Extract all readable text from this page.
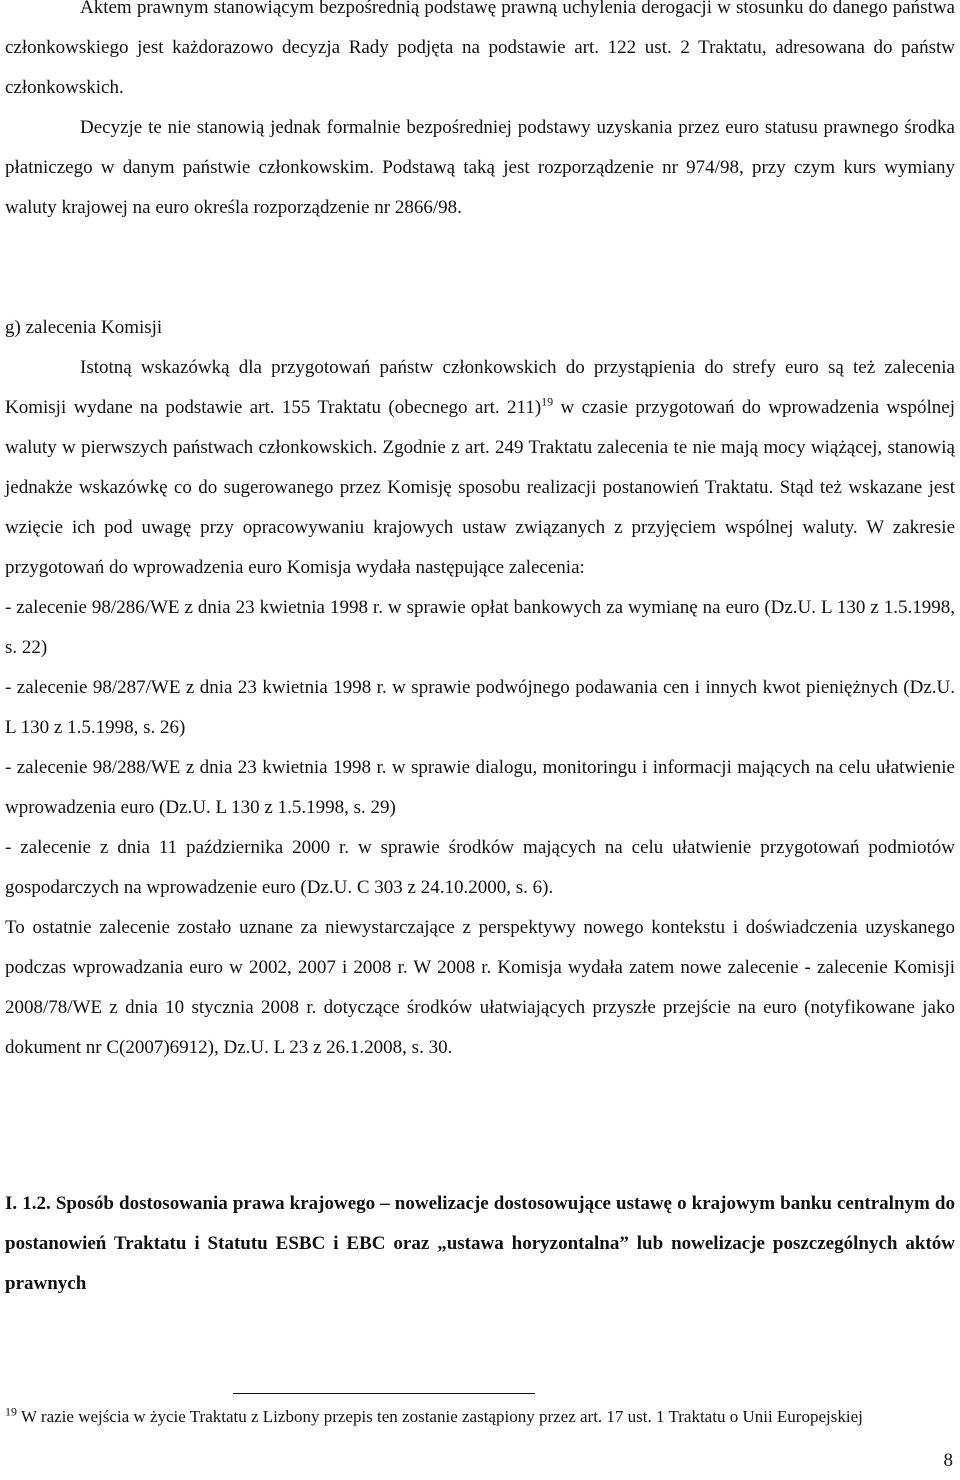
Aktem prawnym stanowiącym bezpośrednią podstawę prawną uchylenia derogacji w stosunku do danego państwa członkowskiego jest każdorazowo decyzja Rady podjęta na podstawie art. 122 ust. 2 Traktatu, adresowana do państw członkowskich.

Decyzje te nie stanowią jednak formalnie bezpośredniej podstawy uzyskania przez euro statusu prawnego środka płatniczego w danym państwie członkowskim. Podstawą taką jest rozporządzenie nr 974/98, przy czym kurs wymiany waluty krajowej na euro określa rozporządzenie nr 2866/98.

g) zalecenia Komisji

Istotną wskazówką dla przygotowań państw członkowskich do przystąpienia do strefy euro są też zalecenia Komisji wydane na podstawie art. 155 Traktatu (obecnego art. 211)$^{19}$ w czasie przygotowań do wprowadzenia wspólnej waluty w pierwszych państwach członkowskich. Zgodnie z art. 249 Traktatu zalecenia te nie mają mocy wiążącej, stanowią jednakże wskazówkę co do sugerowanego przez Komisję sposobu realizacji postanowień Traktatu. Stąd też wskazane jest wzięcie ich pod uwagę przy opracowywaniu krajowych ustaw związanych z przyjęciem wspólnej waluty. W zakresie przygotowań do wprowadzenia euro Komisja wydała następujące zalecenia:

- zalecenie 98/286/WE z dnia 23 kwietnia 1998 r. w sprawie opłat bankowych za wymianę na euro (Dz.U. L 130 z 1.5.1998, s. 22)

- zalecenie 98/287/WE z dnia 23 kwietnia 1998 r. w sprawie podwójnego podawania cen i innych kwot pieniężnych (Dz.U. L 130 z 1.5.1998, s. 26)

- zalecenie 98/288/WE z dnia 23 kwietnia 1998 r. w sprawie dialogu, monitoringu i informacji mających na celu ułatwienie wprowadzenia euro (Dz.U. L 130 z 1.5.1998, s. 29)

- zalecenie z dnia 11 października 2000 r. w sprawie środków mających na celu ułatwienie przygotowań podmiotów gospodarczych na wprowadzenie euro (Dz.U. C 303 z 24.10.2000, s. 6).

To ostatnie zalecenie zostało uznane za niewystarczające z perspektywy nowego kontekstu i doświadczenia uzyskanego podczas wprowadzania euro w 2002, 2007 i 2008 r. W 2008 r. Komisja wydała zatem nowe zalecenie - zalecenie Komisji 2008/78/WE z dnia 10 stycznia 2008 r. dotyczące środków ułatwiających przyszłe przejście na euro (notyfikowane jako dokument nr C(2007)6912), Dz.U. L 23 z 26.1.2008, s. 30.

I. 1.2. Sposób dostosowania prawa krajowego – nowelizacje dostosowujące ustawę o krajowym banku centralnym do postanowień Traktatu i Statutu ESBC i EBC oraz „ustawa horyzontalna” lub nowelizacje poszczególnych aktów prawnych

$^{19}$ W razie wejścia w życie Traktatu z Lizbony przepis ten zostanie zastąpiony przez art. 17 ust. 1 Traktatu o Unii Europejskiej

8
